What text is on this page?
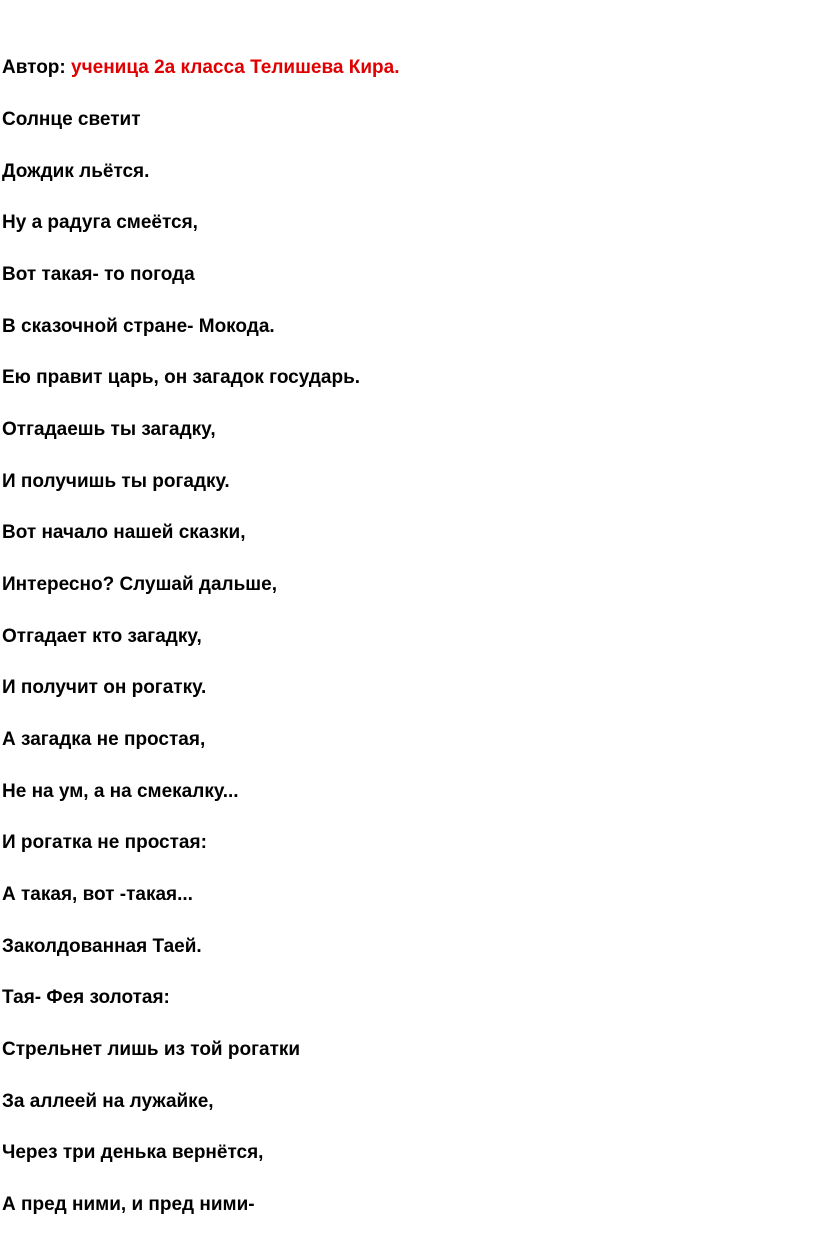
Автор: ученица 2а класса Телишева Кира.
Солнце светит
Дождик льётся.
Ну а радуга смеётся,
Вот такая- то погода
В сказочной стране- Мокода.
Ею правит царь, он загадок государь.
Отгадаешь ты загадку,
И получишь ты рогадку.
Вот начало нашей сказки,
Интересно? Слушай дальше,
Отгадает кто загадку,
И получит он рогатку.
А загадка не простая,
Не на ум, а на смекалку...
И рогатка не простая:
А такая, вот -такая...
Заколдованная Таей.
Тая- Фея золотая:
Стрельнет лишь из той рогатки
За аллеей на лужайке,
Через три денька вернётся,
А пред ними, и пред ними-
